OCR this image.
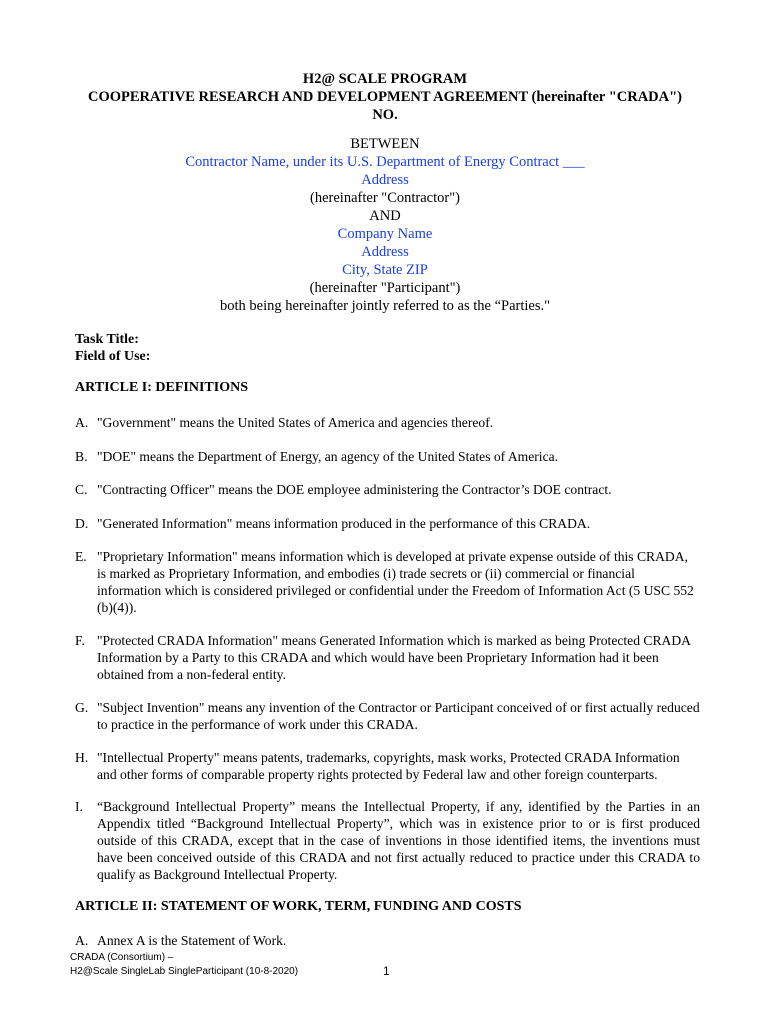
H2@ SCALE PROGRAM
COOPERATIVE RESEARCH AND DEVELOPMENT AGREEMENT (hereinafter "CRADA")
NO.
BETWEEN
Contractor Name, under its U.S. Department of Energy Contract ___
Address
(hereinafter "Contractor")
AND
Company Name
Address
City, State ZIP
(hereinafter "Participant")
both being hereinafter jointly referred to as the “Parties."
Task Title:
Field of Use:
ARTICLE I: DEFINITIONS
A. "Government" means the United States of America and agencies thereof.
B. "DOE" means the Department of Energy, an agency of the United States of America.
C. "Contracting Officer" means the DOE employee administering the Contractor’s DOE contract.
D. "Generated Information" means information produced in the performance of this CRADA.
E. "Proprietary Information" means information which is developed at private expense outside of this CRADA, is marked as Proprietary Information, and embodies (i) trade secrets or (ii) commercial or financial information which is considered privileged or confidential under the Freedom of Information Act (5 USC 552 (b)(4)).
F. "Protected CRADA Information" means Generated Information which is marked as being Protected CRADA Information by a Party to this CRADA and which would have been Proprietary Information had it been obtained from a non-federal entity.
G. "Subject Invention" means any invention of the Contractor or Participant conceived of or first actually reduced to practice in the performance of work under this CRADA.
H. "Intellectual Property" means patents, trademarks, copyrights, mask works, Protected CRADA Information and other forms of comparable property rights protected by Federal law and other foreign counterparts.
I. “Background Intellectual Property” means the Intellectual Property, if any, identified by the Parties in an Appendix titled “Background Intellectual Property”, which was in existence prior to or is first produced outside of this CRADA, except that in the case of inventions in those identified items, the inventions must have been conceived outside of this CRADA and not first actually reduced to practice under this CRADA to qualify as Background Intellectual Property.
ARTICLE II: STATEMENT OF WORK, TERM, FUNDING AND COSTS
A. Annex A is the Statement of Work.
CRADA (Consortium) –
H2@Scale SingleLab SingleParticipant (10-8-2020)	1
